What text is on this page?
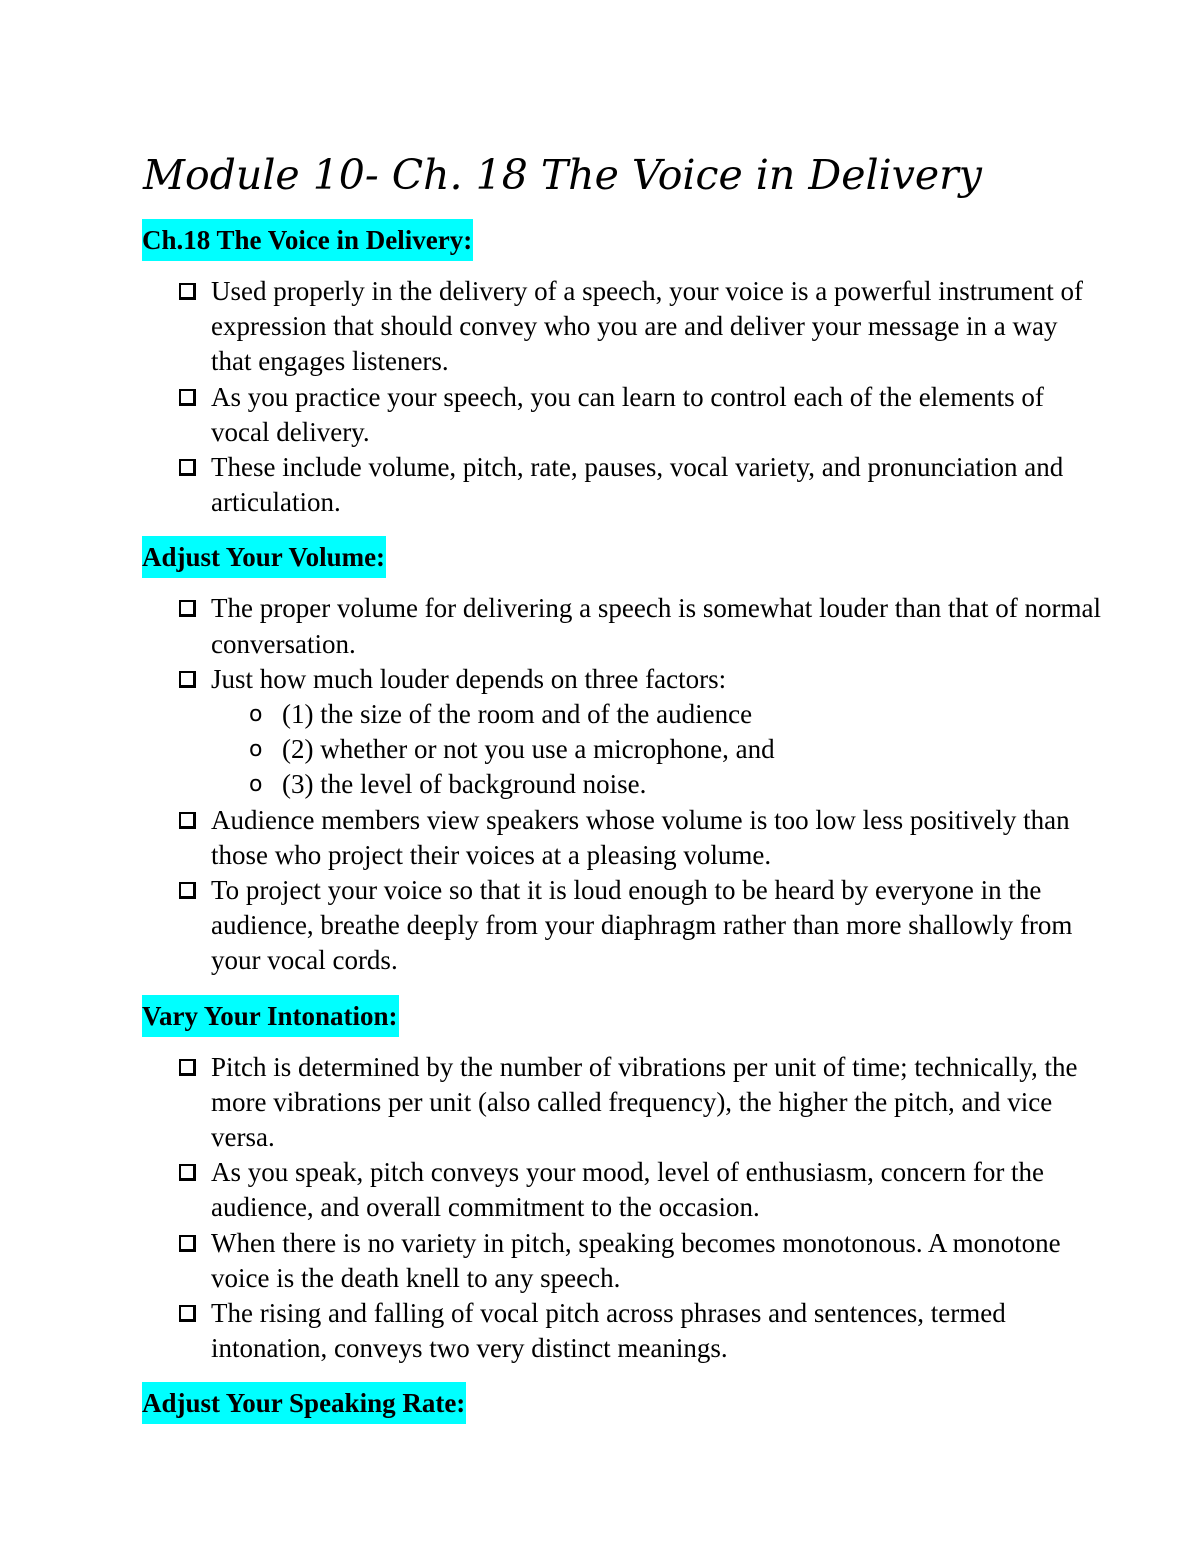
Module 10- Ch. 18 The Voice in Delivery
Ch.18 The Voice in Delivery:
Used properly in the delivery of a speech, your voice is a powerful instrument of expression that should convey who you are and deliver your message in a way that engages listeners.
As you practice your speech, you can learn to control each of the elements of vocal delivery.
These include volume, pitch, rate, pauses, vocal variety, and pronunciation and articulation.
Adjust Your Volume:
The proper volume for delivering a speech is somewhat louder than that of normal conversation.
Just how much louder depends on three factors:
o (1) the size of the room and of the audience
o (2) whether or not you use a microphone, and
o (3) the level of background noise.
Audience members view speakers whose volume is too low less positively than those who project their voices at a pleasing volume.
To project your voice so that it is loud enough to be heard by everyone in the audience, breathe deeply from your diaphragm rather than more shallowly from your vocal cords.
Vary Your Intonation:
Pitch is determined by the number of vibrations per unit of time; technically, the more vibrations per unit (also called frequency), the higher the pitch, and vice versa.
As you speak, pitch conveys your mood, level of enthusiasm, concern for the audience, and overall commitment to the occasion.
When there is no variety in pitch, speaking becomes monotonous. A monotone voice is the death knell to any speech.
The rising and falling of vocal pitch across phrases and sentences, termed intonation, conveys two very distinct meanings.
Adjust Your Speaking Rate:
